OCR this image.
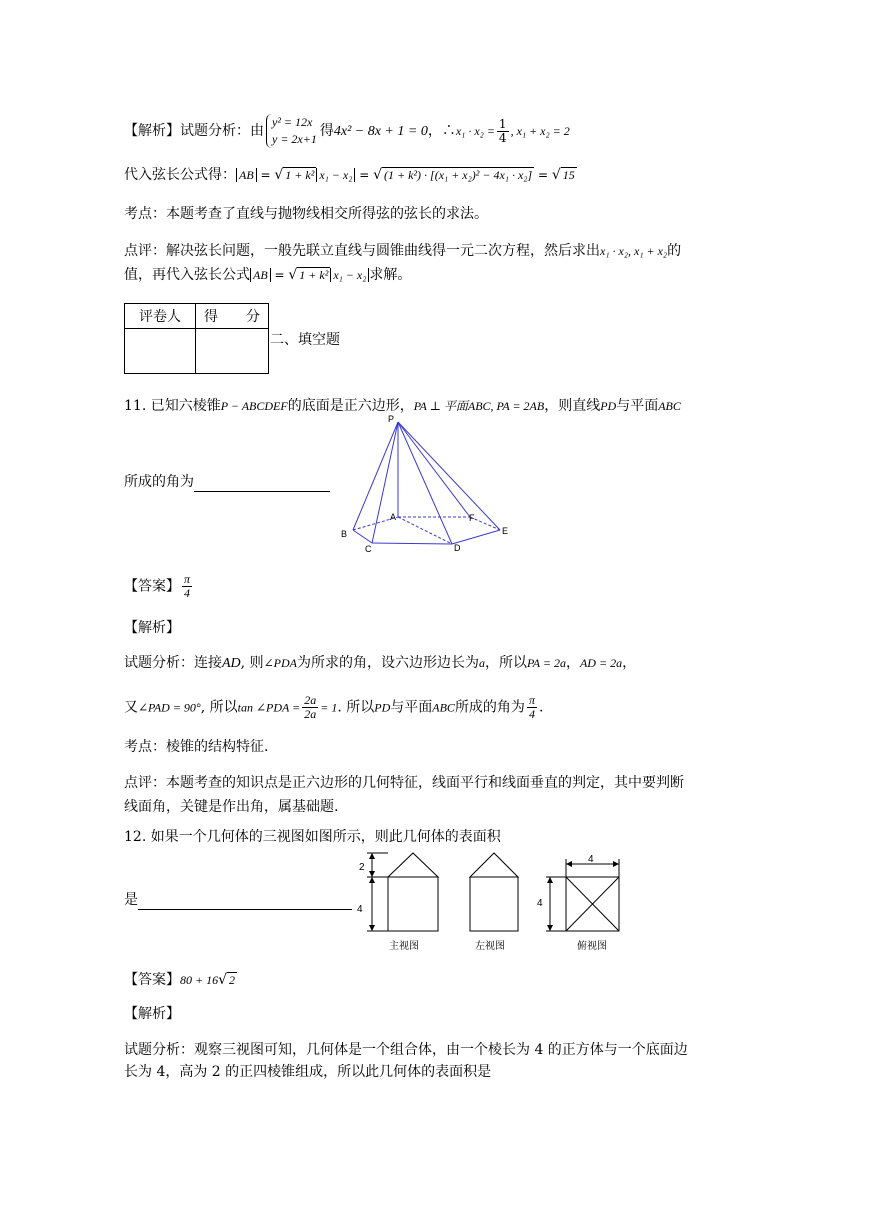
【解析】试题分析：由
y² = 12x
y = 2x+1 得4x² − 8x + 1 = 0，∴x₁ · $x_2 = \frac{1}{4}$ , x₁ + x₂ = 2
代入弦长公式得： AB = √ 1 + k² x₁ − x₂ = √ (1 + k²) · [(x₁ + x₂)² − 4x₁ · x₂] = √ 15
考点：本题考查了直线与抛物线相交所得弦的弦长的求法。
点评：解决弦长问题，一般先联立直线与圆锥曲线得一元二次方程，然后求出x₁ · x₂, x₁ + x₂的
值，再代入弦长公式 AB = √ 1 + k² x₁ − x₂ 求解。
评卷人	得　　分

二、填空题
11. 已知六棱锥P − ABCDEF的底面是正六边形，PA ⊥ 平面ABC, PA = 2AB，则直线PD与平面ABC
所成的角为
P
A	F
B
C	D
E
【答案】 $\frac{\pi}{4}$
【解析】
试题分析：连接AD, 则∠PDA为所求的角，设六边形边长为a，所以PA = 2a，AD = 2a，
又∠PAD = 90°, 所以tan ∠PDA = $\frac{2a}{2a} = 1$. 所以PD与平面ABC所成的角为 $\frac{\pi}{4}$ .
考点：棱锥的结构特征.
点评：本题考查的知识点是正六边形的几何特征，线面平行和线面垂直的判定，其中要判断
线面角，关键是作出角，属基础题.
12. 如果一个几何体的三视图如图所示，则此几何体的表面积
是
2
4
4
4
主视图	左视图	俯视图
【答案】80 + 16√ 2
【解析】
试题分析：观察三视图可知，几何体是一个组合体，由一个棱长为 4 的正方体与一个底面边
长为 4，高为 2 的正四棱锥组成，所以此几何体的表面积是
